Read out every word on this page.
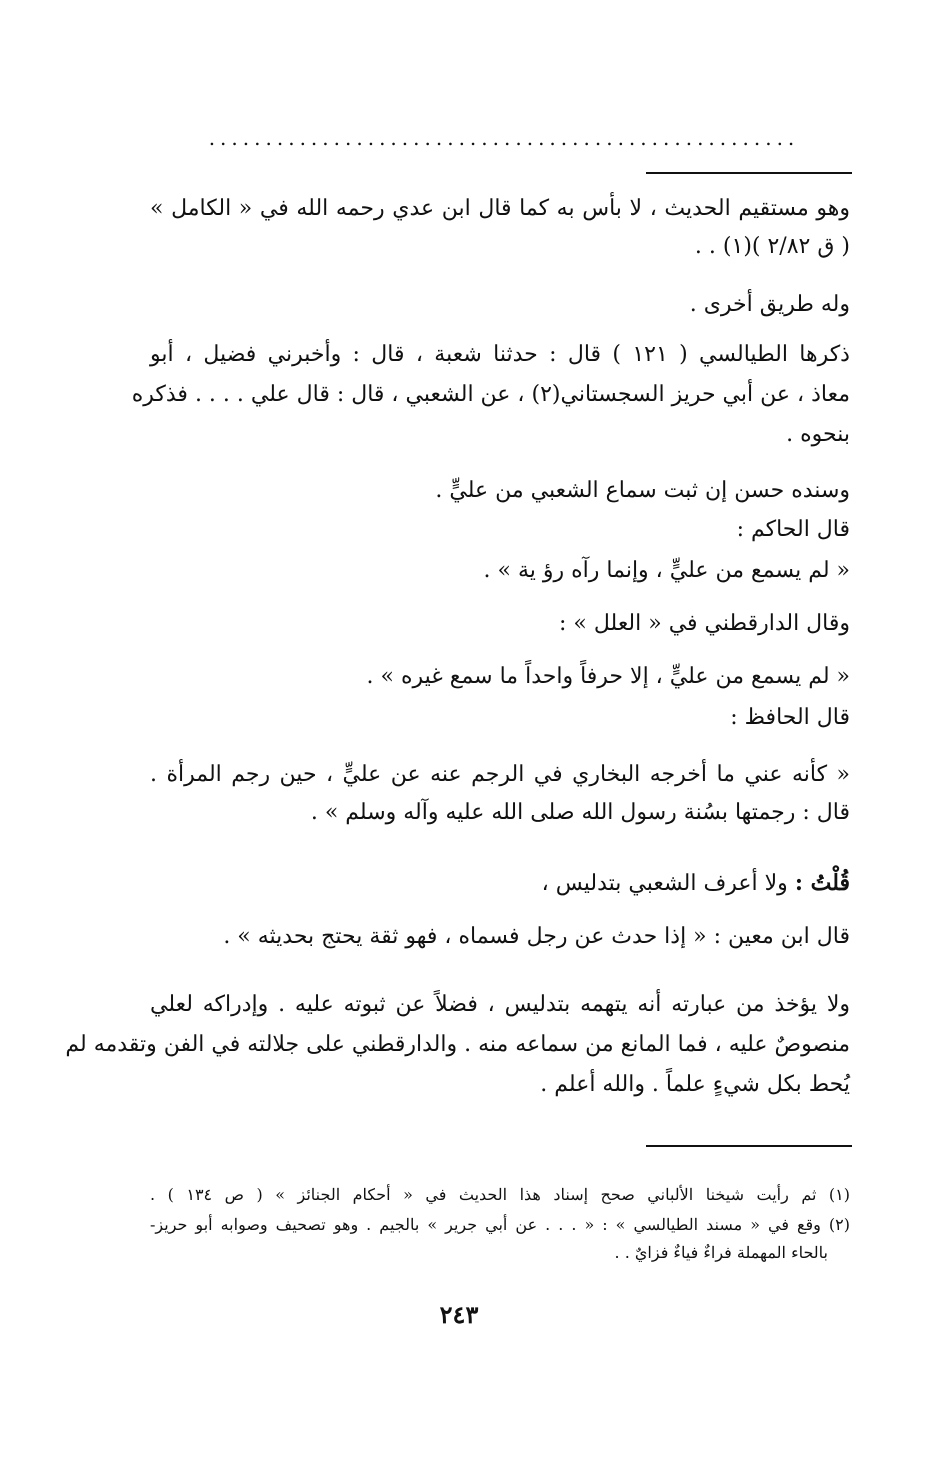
....................................................
وهو مستقيم الحديث ، لا بأس به كما قال ابن عدي رحمه الله في « الكامل »
( ق ٢/٨٢ )(١) . .
وله طريق أخرى .
ذكرها الطيالسي ( ١٢١ ) قال : حدثنا شعبة ، قال : وأخبرني فضيل ، أبو
معاذ ، عن أبي حريز السجستاني(٢) ، عن الشعبي ، قال : قال علي . . . . فذكره
بنحوه .
وسنده حسن إن ثبت سماع الشعبي من عليٍّ .
قال الحاكم :
« لم يسمع من عليٍّ ، وإنما رآه رؤ ية » .
وقال الدارقطني في « العلل » :
« لم يسمع من عليٍّ ، إلا حرفاً واحداً ما سمع غيره » .
قال الحافظ :
« كأنه عني ما أخرجه البخاري في الرجم عنه عن عليٍّ ، حين رجم المرأة .
قال : رجمتها بسُنة رسول الله صلى الله عليه وآله وسلم » .
قُلْتُ : ولا أعرف الشعبي بتدليس ،
قال ابن معين : « إذا حدث عن رجل فسماه ، فهو ثقة يحتج بحديثه » .
ولا يؤخذ من عبارته أنه يتهمه بتدليس ، فضلاً عن ثبوته عليه . وإدراكه لعلي
منصوصٌ عليه ، فما المانع من سماعه منه . والدارقطني على جلالته في الفن وتقدمه لم
يُحط بكل شيءٍ علماً . والله أعلم .
(١) ثم رأيت شيخنا الألباني صحح إسناد هذا الحديث في « أحكام الجنائز » ( ص ١٣٤ ) .
(٢) وقع في « مسند الطيالسي » : « . . . عن أبي جرير » بالجيم . وهو تصحيف وصوابه أبو حريز-
بالحاء المهملة فراءٌ فياءٌ فزايٌ . .
٢٤٣
